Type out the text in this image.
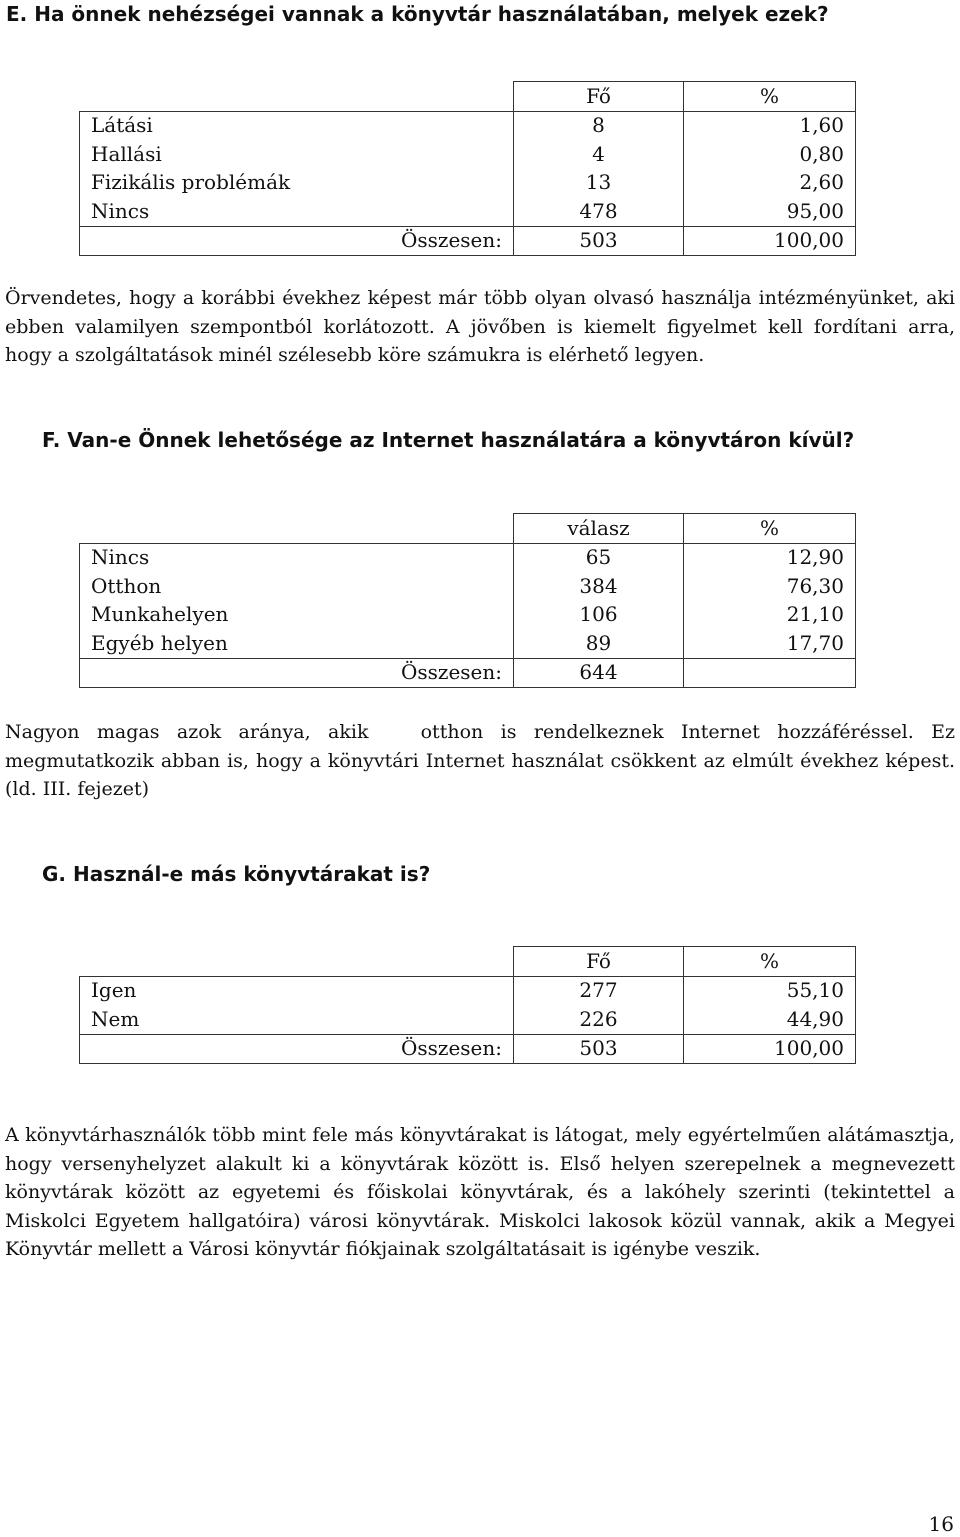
E. Ha önnek nehézségei vannak a könyvtár használatában, melyek ezek?
	Fő	%
Látási	8	1,60
Hallási	4	0,80
Fizikális problémák	13	2,60
Nincs	478	95,00
Összesen:	503	100,00
Örvendetes, hogy a korábbi évekhez képest már több olyan olvasó használja intézményünket, aki
ebben valamilyen szempontból korlátozott. A jövőben is kiemelt figyelmet kell fordítani arra,
hogy a szolgáltatások minél szélesebb köre számukra is elérhető legyen.
F. Van-e Önnek lehetősége az Internet használatára a könyvtáron kívül?
	válasz	%
Nincs	65	12,90
Otthon	384	76,30
Munkahelyen	106	21,10
Egyéb helyen	89	17,70
Összesen:	644	
Nagyon magas azok aránya, akik   otthon is rendelkeznek Internet hozzáféréssel. Ez
megmutatkozik abban is, hogy a könyvtári Internet használat csökkent az elmúlt évekhez képest.
(ld. III. fejezet)
G. Használ-e más könyvtárakat is?
	Fő	%
Igen	277	55,10
Nem	226	44,90
Összesen:	503	100,00
A könyvtárhasználók több mint fele más könyvtárakat is látogat, mely egyértelműen alátámasztja,
hogy versenyhelyzet alakult ki a könyvtárak között is. Első helyen szerepelnek a megnevezett
könyvtárak között az egyetemi és főiskolai könyvtárak, és a lakóhely szerinti (tekintettel a
Miskolci Egyetem hallgatóira) városi könyvtárak. Miskolci lakosok közül vannak, akik a Megyei
Könyvtár mellett a Városi könyvtár fiókjainak szolgáltatásait is igénybe veszik.
16
